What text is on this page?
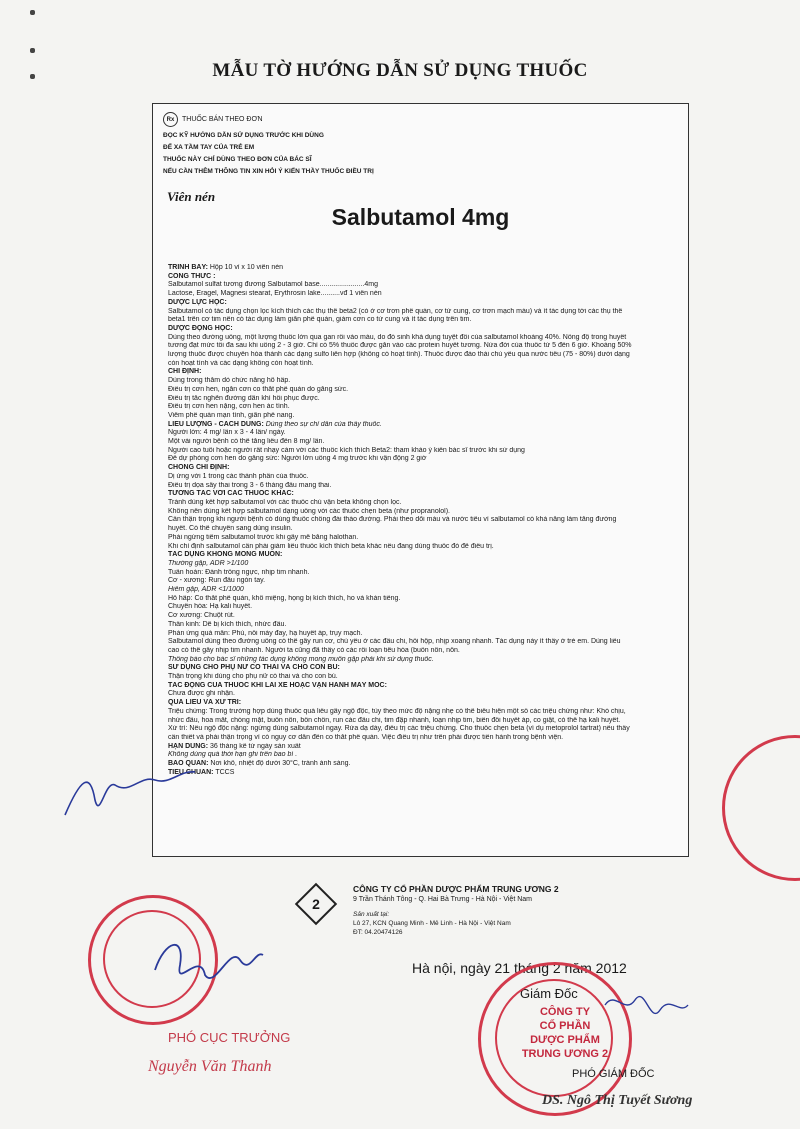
MẪU TỜ HƯỚNG DẪN SỬ DỤNG THUỐC
Rx	THUỐC BÁN THEO ĐƠN
ĐỌC KỸ HƯỚNG DẪN SỬ DỤNG TRƯỚC KHI DÙNG
ĐỂ XA TẦM TAY CỦA TRẺ EM
THUỐC NÀY CHỈ DÙNG THEO ĐƠN CỦA BÁC SĨ
NẾU CẦN THÊM THÔNG TIN XIN HỎI Ý KIẾN THẦY THUỐC ĐIỀU TRỊ
Viên nén
Salbutamol 4mg
TRÌNH BÀY: Hộp 10 vỉ x 10 viên nén
CÔNG THỨC :
Salbutamol sulfat tương đương Salbutamol base.......................4mg
Lactose, Eragel, Magnesi stearat, Erythrosin lake..........vđ 1 viên nén
DƯỢC LỰC HỌC:
Salbutamol có tác dụng chọn lọc kích thích các thụ thể beta2 (có ở cơ trơn phế quản, cơ tử cung, cơ trơn mạch máu) và ít tác dụng tới các thụ thể
beta1 trên cơ tim nên có tác dụng làm giãn phế quản, giảm cơn co tử cung và ít tác dụng trên tim.
DƯỢC ĐỘNG HỌC:
Dùng theo đường uống, một lượng thuốc lớn qua gan rồi vào máu, do đó sinh khả dụng tuyệt đối của salbutamol khoảng 40%. Nồng độ trong huyết
tương đạt mức tối đa sau khi uống 2 - 3 giờ. Chỉ có 5% thuốc được gắn vào các protein huyết tương. Nửa đời của thuốc từ 5 đến 6 giờ. Khoảng 50%
lượng thuốc được chuyển hóa thành các dạng sulfo liên hợp (không có hoạt tính). Thuốc được đào thải chủ yếu qua nước tiểu (75 - 80%) dưới dạng
còn hoạt tính và các dạng không còn hoạt tính.
CHỈ ĐỊNH:
Dùng trong thăm dò chức năng hô hấp.
Điều trị cơn hen, ngăn cơn co thắt phế quản do gắng sức.
Điều trị tắc nghẽn đường dẫn khí hồi phục được.
Điều trị cơn hen nặng, cơn hen ác tính.
Viêm phế quản mạn tính, giãn phế nang.
LIỀU LƯỢNG - CÁCH DÙNG: Dùng theo sự chỉ dẫn của thầy thuốc.
Người lớn: 4 mg/ lần x 3 - 4 lần/ ngày.
Một vài người bệnh có thể tăng liều đến 8 mg/ lần.
Người cao tuổi hoặc người rất nhạy cảm với các thuốc kích thích Beta2: tham khảo ý kiến bác sĩ trước khi sử dụng
Để dự phòng cơn hen do gắng sức: Người lớn uống 4 mg trước khi vận động 2 giờ
CHỐNG CHỈ ĐỊNH:
Dị ứng với 1 trong các thành phần của thuốc.
Điều trị dọa sẩy thai trong 3 - 6 tháng đầu mang thai.
TƯƠNG TÁC VỚI CÁC THUỐC KHÁC:
Tránh dùng kết hợp salbutamol với các thuốc chủ vận beta không chọn lọc.
Không nên dùng kết hợp salbutamol dạng uống với các thuốc chẹn beta (như propranolol).
Cần thận trọng khi người bệnh có dùng thuốc chống đái tháo đường. Phải theo dõi máu và nước tiểu vì salbutamol có khả năng làm tăng đường
huyết. Có thể chuyển sang dùng insulin.
Phải ngừng tiêm salbutamol trước khi gây mê bằng halothan.
Khi chỉ định salbutamol cần phải giảm liều thuốc kích thích beta khác nếu đang dùng thuốc đó để điều trị.
TÁC DỤNG KHÔNG MONG MUỐN:
Thường gặp, ADR >1/100
Tuần hoàn: Đánh trống ngực, nhịp tim nhanh.
Cơ - xương: Run đầu ngón tay.
Hiếm gặp, ADR <1/1000
Hô hấp: Co thắt phế quản, khô miệng, họng bị kích thích, ho và khản tiếng.
Chuyển hóa: Hạ kali huyết.
Cơ xương: Chuột rút.
Thần kinh: Dễ bị kích thích, nhức đầu.
Phản ứng quá mẫn: Phù, nổi mày đay, hạ huyết áp, trụy mạch.
Salbutamol dùng theo đường uống có thể gây run cơ, chủ yếu ở các đầu chi, hồi hộp, nhịp xoang nhanh. Tác dụng này ít thấy ở trẻ em. Dùng liều
cao có thể gây nhịp tim nhanh. Người ta cũng đã thấy có các rối loạn tiêu hóa (buồn nôn, nôn.
Thông báo cho bác sĩ những tác dụng không mong muốn gặp phải khi sử dụng thuốc.
SỬ DỤNG CHO PHỤ NỮ CÓ THAI VÀ CHO CON BÚ:
Thận trọng khi dùng cho phụ nữ có thai và cho con bú.
TÁC ĐỘNG CỦA THUỐC KHI LÁI XE HOẶC VẬN HÀNH MÁY MÓC:
Chưa được ghi nhận.
QUÁ LIỀU VÀ XỬ TRÍ:
Triệu chứng: Trong trường hợp dùng thuốc quá liều gây ngộ độc, tùy theo mức độ nặng nhẹ có thể biểu hiện một số các triệu chứng như: Khó chịu,
nhức đầu, hoa mắt, chóng mặt, buồn nôn, bồn chồn, run các đầu chi, tim đập nhanh, loạn nhịp tim, biến đổi huyết áp, co giật, có thể hạ kali huyết.
Xử trí: Nếu ngộ độc nặng: ngừng dùng salbutamol ngay. Rửa dạ dày, điều trị các triệu chứng. Cho thuốc chẹn beta (ví dụ metoprolol tartrat) nếu thấy
cần thiết và phải thận trọng vì có nguy cơ dẫn đến co thắt phế quản. Việc điều trị như trên phải được tiến hành trong bệnh viện.
HẠN DÙNG: 36 tháng kể từ ngày sản xuất
Không dùng quá thời hạn ghi trên bao bì .
BẢO QUẢN: Nơi khô, nhiệt độ dưới 30°C, tránh ánh sáng.
TIÊU CHUẨN: TCCS
2
CÔNG TY CỔ PHẦN DƯỢC PHẨM TRUNG ƯƠNG 2
9 Trần Thánh Tông - Q. Hai Bà Trưng - Hà Nội - Việt Nam
Sản xuất tại:
Lô 27, KCN Quang Minh - Mê Linh - Hà Nội - Việt Nam
ĐT: 04.20474126
Hà nội, ngày 21 tháng 2 năm 2012
Giám Đốc
CÔNG TY
CỔ PHẦN
DƯỢC PHẨM
TRUNG ƯƠNG 2
PHÓ GIÁM ĐỐC
DS. Ngô Thị Tuyết Sương
PHÓ CỤC TRƯỞNG
Nguyễn Văn Thanh
